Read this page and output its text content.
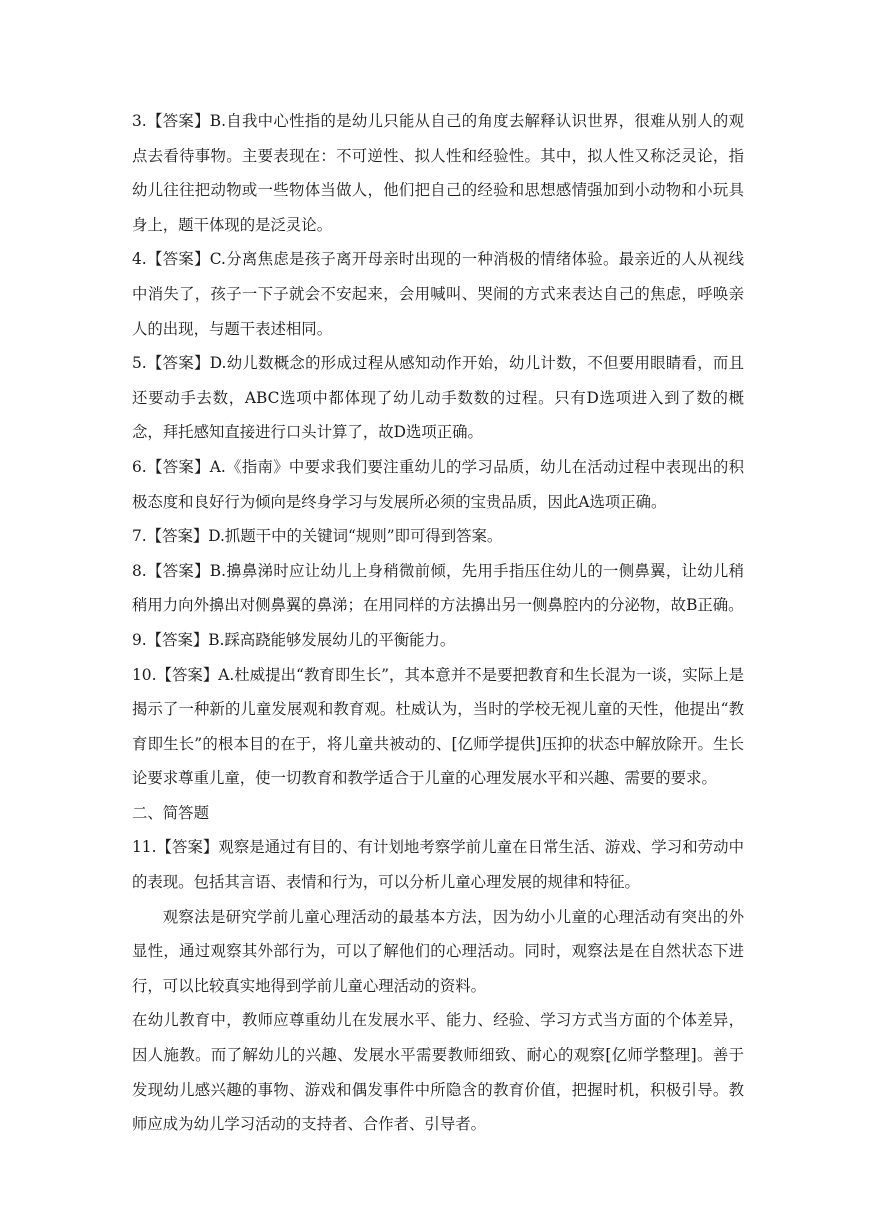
3.【答案】B.自我中心性指的是幼儿只能从自己的角度去解释认识世界，很难从别人的观点去看待事物。主要表现在：不可逆性、拟人性和经验性。其中，拟人性又称泛灵论，指幼儿往往把动物或一些物体当做人，他们把自己的经验和思想感情强加到小动物和小玩具身上，题干体现的是泛灵论。

4.【答案】C.分离焦虑是孩子离开母亲时出现的一种消极的情绪体验。最亲近的人从视线中消失了，孩子一下子就会不安起来，会用喊叫、哭闹的方式来表达自己的焦虑，呼唤亲人的出现，与题干表述相同。

5.【答案】D.幼儿数概念的形成过程从感知动作开始，幼儿计数，不但要用眼睛看，而且还要动手去数，ABC选项中都体现了幼儿动手数数的过程。只有D选项进入到了数的概念，拜托感知直接进行口头计算了，故D选项正确。

6.【答案】A.《指南》中要求我们要注重幼儿的学习品质，幼儿在活动过程中表现出的积极态度和良好行为倾向是终身学习与发展所必须的宝贵品质，因此A选项正确。

7.【答案】D.抓题干中的关键词“规则”即可得到答案。

8.【答案】B.擤鼻涕时应让幼儿上身稍微前倾，先用手指压住幼儿的一侧鼻翼，让幼儿稍稍用力向外擤出对侧鼻翼的鼻涕；在用同样的方法擤出另一侧鼻腔内的分泌物，故B正确。

9.【答案】B.踩高跷能够发展幼儿的平衡能力。

10.【答案】A.杜威提出“教育即生长”，其本意并不是要把教育和生长混为一谈，实际上是揭示了一种新的儿童发展观和教育观。杜威认为，当时的学校无视儿童的天性，他提出“教育即生长”的根本目的在于，将儿童共被动的、[亿师学提供]压抑的状态中解放除开。生长论要求尊重儿童，使一切教育和教学适合于儿童的心理发展水平和兴趣、需要的要求。

二、简答题

11.【答案】观察是通过有目的、有计划地考察学前儿童在日常生活、游戏、学习和劳动中的表现。包括其言语、表情和行为，可以分析儿童心理发展的规律和特征。

观察法是研究学前儿童心理活动的最基本方法，因为幼小儿童的心理活动有突出的外显性，通过观察其外部行为，可以了解他们的心理活动。同时，观察法是在自然状态下进行，可以比较真实地得到学前儿童心理活动的资料。

在幼儿教育中，教师应尊重幼儿在发展水平、能力、经验、学习方式当方面的个体差异，因人施教。而了解幼儿的兴趣、发展水平需要教师细致、耐心的观察[亿师学整理]。善于发现幼儿感兴趣的事物、游戏和偶发事件中所隐含的教育价值，把握时机，积极引导。教师应成为幼儿学习活动的支持者、合作者、引导者。
